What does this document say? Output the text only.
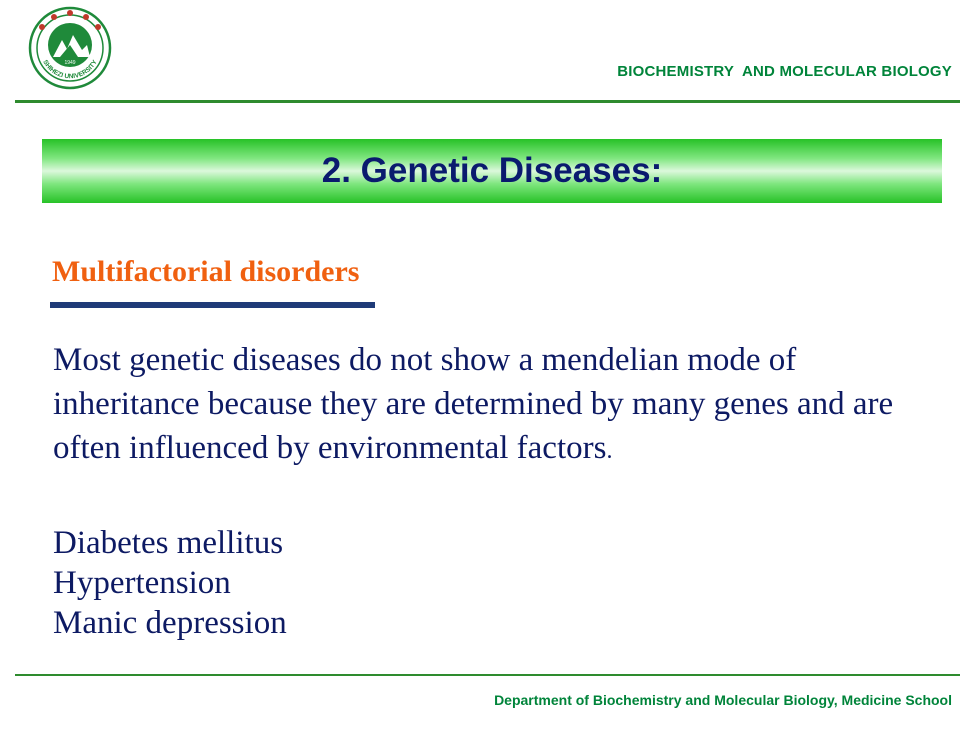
1949
SHIHEZI UNIVERSITY
BIOCHEMISTRY  AND MOLECULAR BIOLOGY
2. Genetic Diseases:
Multifactorial disorders
Most genetic diseases do not show a mendelian mode of inheritance because they are determined by many genes and are often influenced by environmental factors.
Diabetes mellitus
Hypertension
Manic depression
Department of Biochemistry and Molecular Biology, Medicine School
